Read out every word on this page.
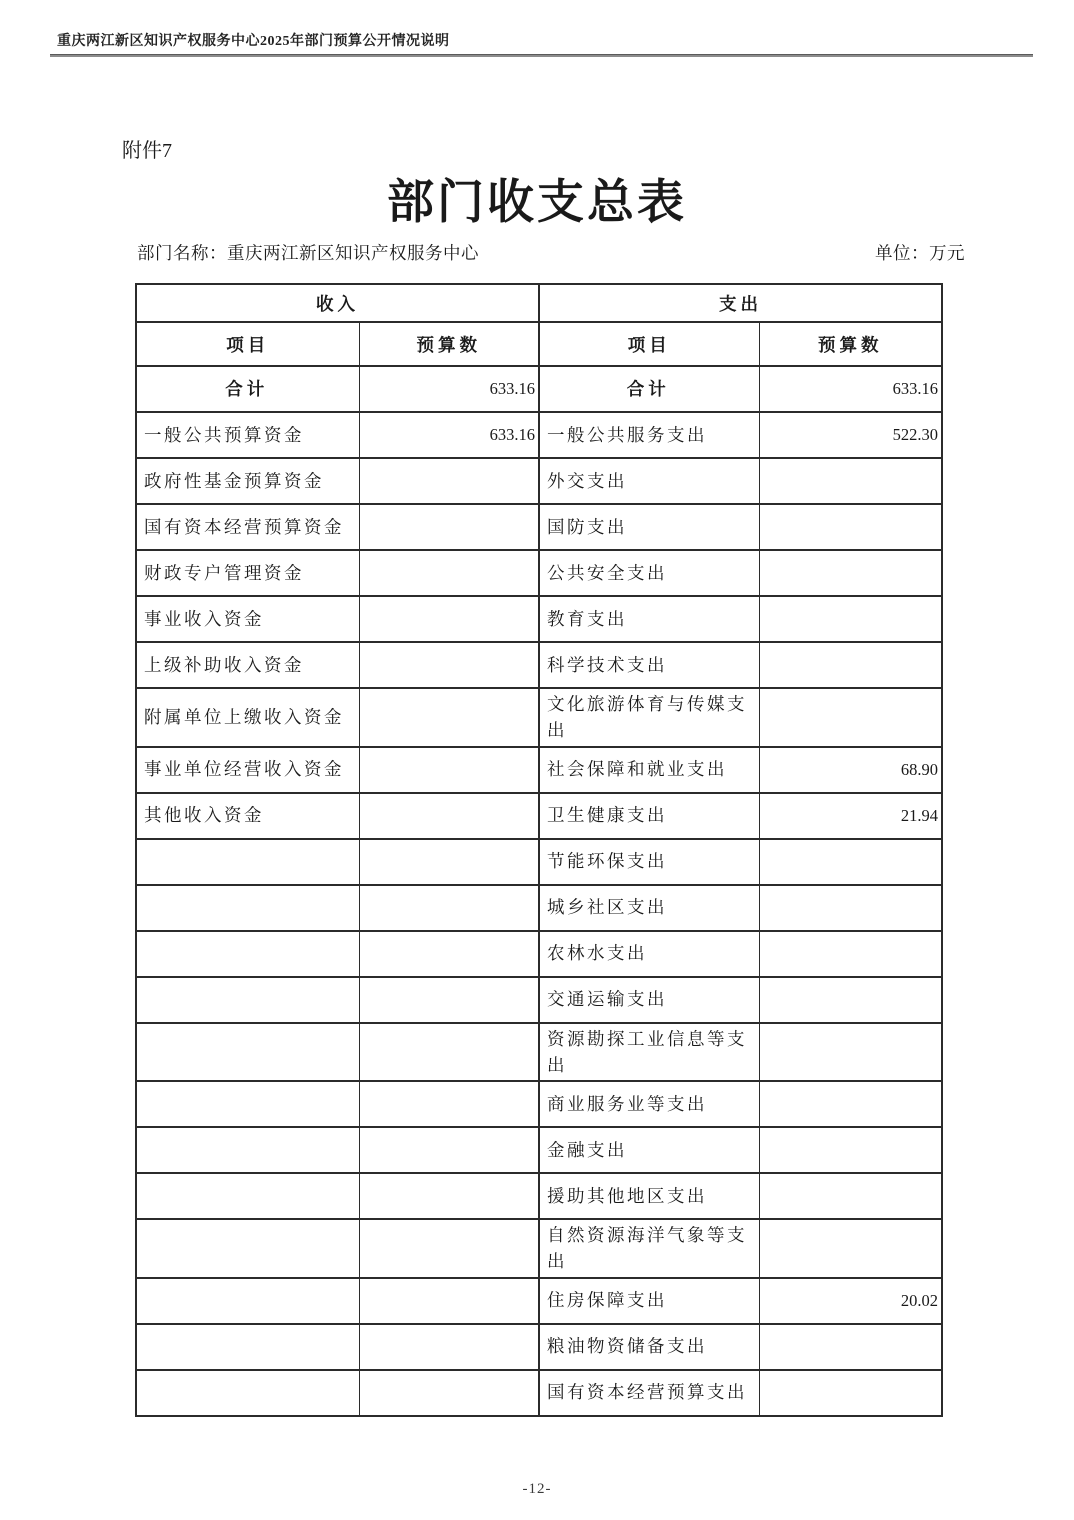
重庆两江新区知识产权服务中心2025年部门预算公开情况说明
附件7
部门收支总表
部门名称：重庆两江新区知识产权服务中心	单位：万元
收入		支出	
项目	预算数	项目	预算数
合计	633.16	合计	633.16
一般公共预算资金	633.16	一般公共服务支出	522.30
政府性基金预算资金		外交支出	
国有资本经营预算资金		国防支出	
财政专户管理资金		公共安全支出	
事业收入资金		教育支出	
上级补助收入资金		科学技术支出	
附属单位上缴收入资金		文化旅游体育与传媒支出	
事业单位经营收入资金		社会保障和就业支出	68.90
其他收入资金		卫生健康支出	21.94
		节能环保支出	
		城乡社区支出	
		农林水支出	
		交通运输支出	
		资源勘探工业信息等支出	
		商业服务业等支出	
		金融支出	
		援助其他地区支出	
		自然资源海洋气象等支出	
		住房保障支出	20.02
		粮油物资储备支出	
		国有资本经营预算支出	
-12-
